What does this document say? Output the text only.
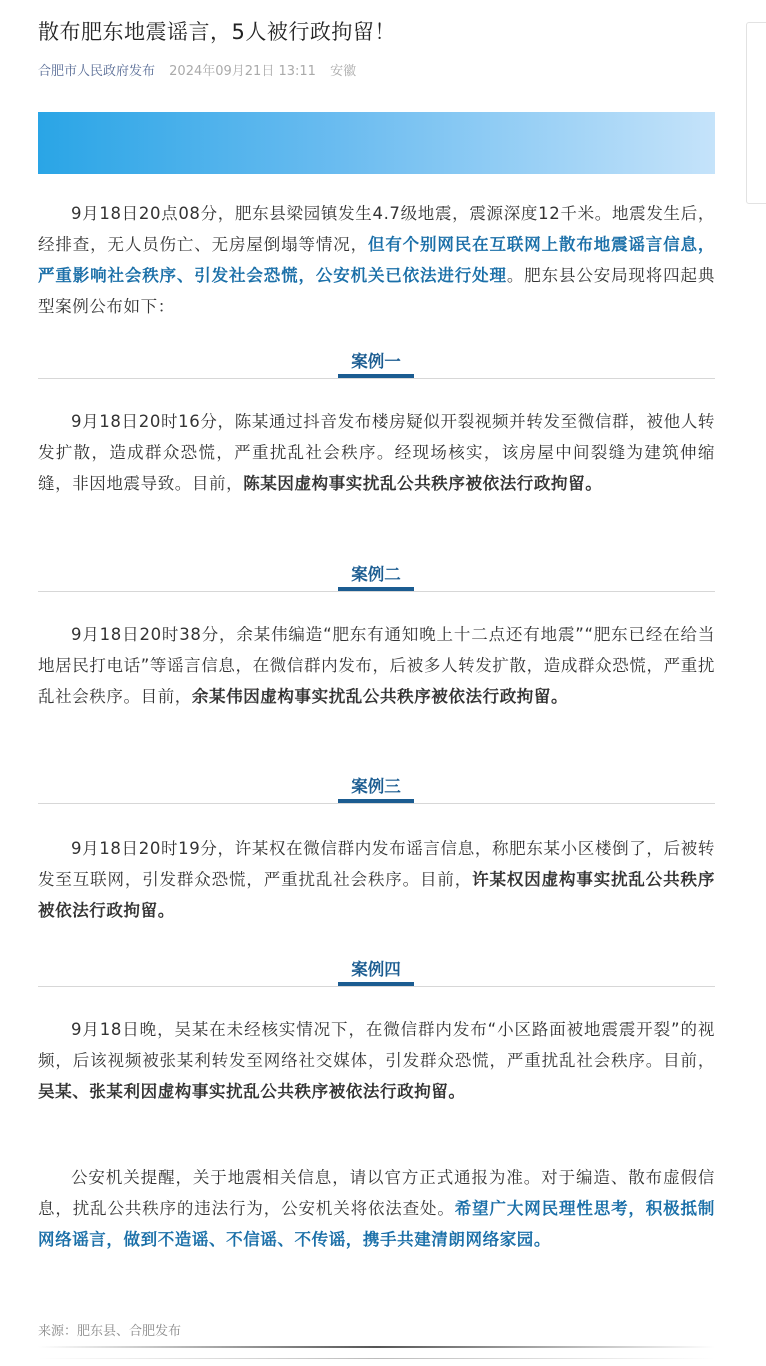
散布肥东地震谣言，5人被行政拘留！
合肥市人民政府发布 2024年09月21日 13:11 安徽

9月18日20点08分，肥东县梁园镇发生4.7级地震，震源深度12千米。地震发生后，经排查，无人员伤亡、无房屋倒塌等情况，但有个别网民在互联网上散布地震谣言信息，严重影响社会秩序、引发社会恐慌，公安机关已依法进行处理。肥东县公安局现将四起典型案例公布如下：

案例一

9月18日20时16分，陈某通过抖音发布楼房疑似开裂视频并转发至微信群，被他人转发扩散，造成群众恐慌，严重扰乱社会秩序。经现场核实，该房屋中间裂缝为建筑伸缩缝，非因地震导致。目前，陈某因虚构事实扰乱公共秩序被依法行政拘留。

案例二

9月18日20时38分，余某伟编造“肥东有通知晚上十二点还有地震”“肥东已经在给当地居民打电话”等谣言信息，在微信群内发布，后被多人转发扩散，造成群众恐慌，严重扰乱社会秩序。目前，余某伟因虚构事实扰乱公共秩序被依法行政拘留。

案例三

9月18日20时19分，许某权在微信群内发布谣言信息，称肥东某小区楼倒了，后被转发至互联网，引发群众恐慌，严重扰乱社会秩序。目前，许某权因虚构事实扰乱公共秩序被依法行政拘留。

案例四

9月18日晚，吴某在未经核实情况下，在微信群内发布“小区路面被地震震开裂”的视频，后该视频被张某利转发至网络社交媒体，引发群众恐慌，严重扰乱社会秩序。目前，吴某、张某利因虚构事实扰乱公共秩序被依法行政拘留。

公安机关提醒，关于地震相关信息，请以官方正式通报为准。对于编造、散布虚假信息，扰乱公共秩序的违法行为，公安机关将依法查处。希望广大网民理性思考，积极抵制网络谣言，做到不造谣、不信谣、不传谣，携手共建清朗网络家园。

来源：肥东县、合肥发布
